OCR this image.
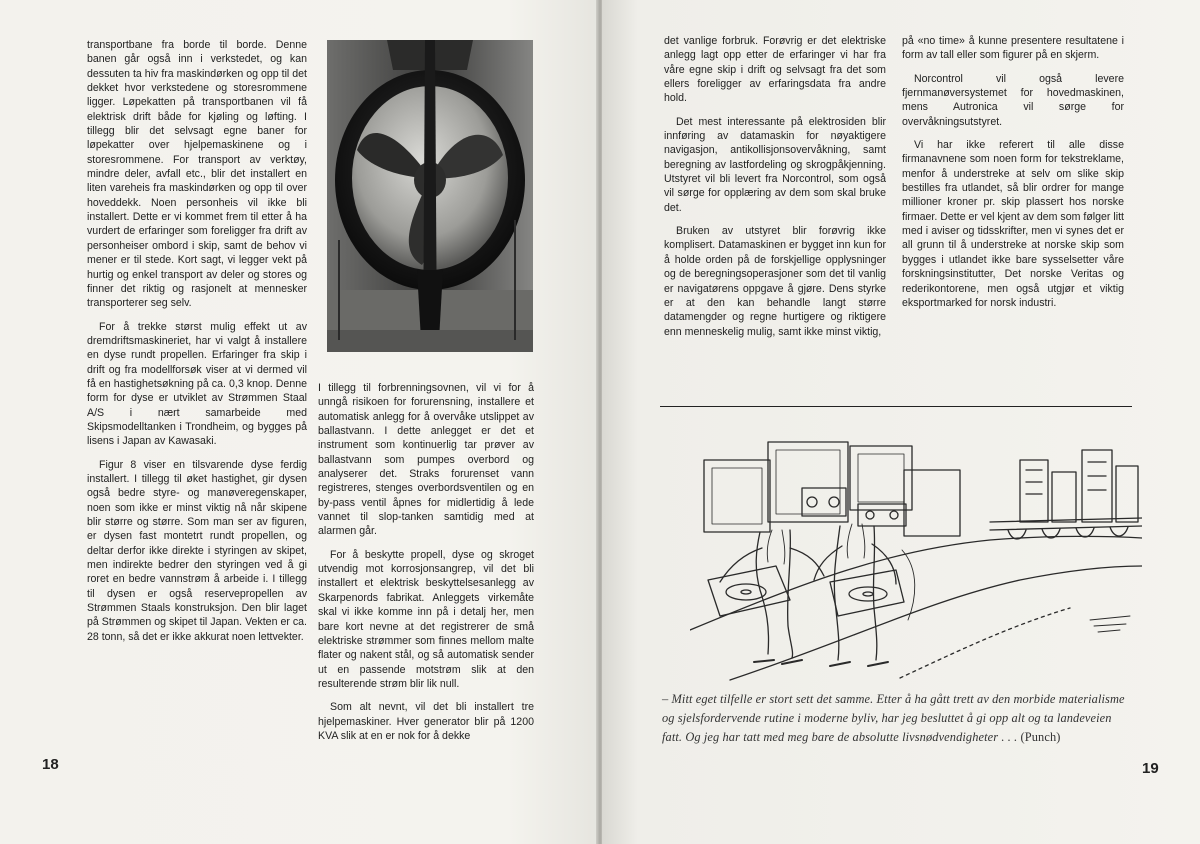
transportbane fra borde til borde. Denne banen går også inn i verkstedet, og kan dessuten ta hiv fra maskindørken og opp til det dekket hvor verkstedene og storesrommene ligger. Løpekatten på transportbanen vil få elektrisk drift både for kjøling og løfting. I tillegg blir det selvsagt egne baner for løpekatter over hjelpemaskinene og i storesrommene. For transport av verktøy, mindre deler, avfall etc., blir det installert en liten vareheis fra maskindørken og opp til over hoveddekk. Noen personheis vil ikke bli installert. Dette er vi kommet frem til etter å ha vurdert de erfaringer som foreligger fra drift av personheiser ombord i skip, samt de behov vi mener er til stede. Kort sagt, vi legger vekt på hurtig og enkel transport av deler og stores og finner det riktig og rasjonelt at mennesker transporterer seg selv.

For å trekke størst mulig effekt ut av dremdriftsmaskineriet, har vi valgt å installere en dyse rundt propellen. Erfaringer fra skip i drift og fra modellforsøk viser at vi dermed vil få en hastighetsøkning på ca. 0,3 knop. Denne form for dyse er utviklet av Strømmen Staal A/S i nært samarbeide med Skipsmodelltanken i Trondheim, og bygges på lisens i Japan av Kawasaki.

Figur 8 viser en tilsvarende dyse ferdig installert. I tillegg til øket hastighet, gir dysen også bedre styre- og manøveregenskaper, noen som ikke er minst viktig nå når skipene blir større og større. Som man ser av figuren, er dysen fast montetrt rundt propellen, og deltar derfor ikke direkte i styringen av skipet, men indirekte bedrer den styringen ved å gi roret en bedre vannstrøm å arbeide i. I tillegg til dysen er også reservepropellen av Strømmen Staals konstruksjon. Den blir laget på Strømmen og skipet til Japan. Vekten er ca. 28 tonn, så det er ikke akkurat noen lettvekter.

I tillegg til forbrenningsovnen, vil vi for å unngå risikoen for forurensning, installere et automatisk anlegg for å overvåke utslippet av ballastvann. I dette anlegget er det et instrument som kontinuerlig tar prøver av ballastvann som pumpes overbord og analyserer det. Straks forurenset vann registreres, stenges overbordsventilen og en by-pass ventil åpnes for midlertidig å lede vannet til slop-tanken samtidig med at alarmen går.

For å beskytte propell, dyse og skroget utvendig mot korrosjonsangrep, vil det bli installert et elektrisk beskyttelsesanlegg av Skarpenords fabrikat. Anleggets virkemåte skal vi ikke komme inn på i detalj her, men bare kort nevne at det registrerer de små elektriske strømmer som finnes mellom malte flater og nakent stål, og så automatisk sender ut en passende motstrøm slik at den resulterende strøm blir lik null.

Som alt nevnt, vil det bli installert tre hjelpemaskiner. Hver generator blir på 1200 KVA slik at en er nok for å dekke

18

det vanlige forbruk. Forøvrig er det elektriske anlegg lagt opp etter de erfaringer vi har fra våre egne skip i drift og selvsagt fra det som ellers foreligger av erfaringsdata fra andre hold.

Det mest interessante på elektrosiden blir innføring av datamaskin for nøyaktigere navigasjon, antikollisjonsovervåkning, samt beregning av lastfordeling og skrogpåkjenning. Utstyret vil bli levert fra Norcontrol, som også vil sørge for opplæring av dem som skal bruke det.

Bruken av utstyret blir forøvrig ikke komplisert. Datamaskinen er bygget inn kun for å holde orden på de forskjellige opplysninger og de beregningsoperasjoner som det til vanlig er navigatørens oppgave å gjøre. Dens styrke er at den kan behandle langt større datamengder og regne hurtigere og riktigere enn menneskelig mulig, samt ikke minst viktig,

på «no time» å kunne presentere resultatene i form av tall eller som figurer på en skjerm.

Norcontrol vil også levere fjernmanøversystemet for hovedmaskinen, mens Autronica vil sørge for overvåkningsutstyret.

Vi har ikke referert til alle disse firmanavnene som noen form for tekstreklame, menfor å understreke at selv om slike skip bestilles fra utlandet, så blir ordrer for mange millioner kroner pr. skip plassert hos norske firmaer. Dette er vel kjent av dem som følger litt med i aviser og tidsskrifter, men vi synes det er all grunn til å understreke at norske skip som bygges i utlandet ikke bare sysselsetter våre forskningsinstitutter, Det norske Veritas og rederikontorene, men også utgjør et viktig eksportmarked for norsk industri.

19
– Mitt eget tilfelle er stort sett det samme. Etter å ha gått trett av den morbide materialisme og sjelsfordervende rutine i moderne byliv, har jeg besluttet å gi opp alt og ta landeveien fatt. Og jeg har tatt med meg bare de absolutte livsnødvendigheter . . . (Punch)
